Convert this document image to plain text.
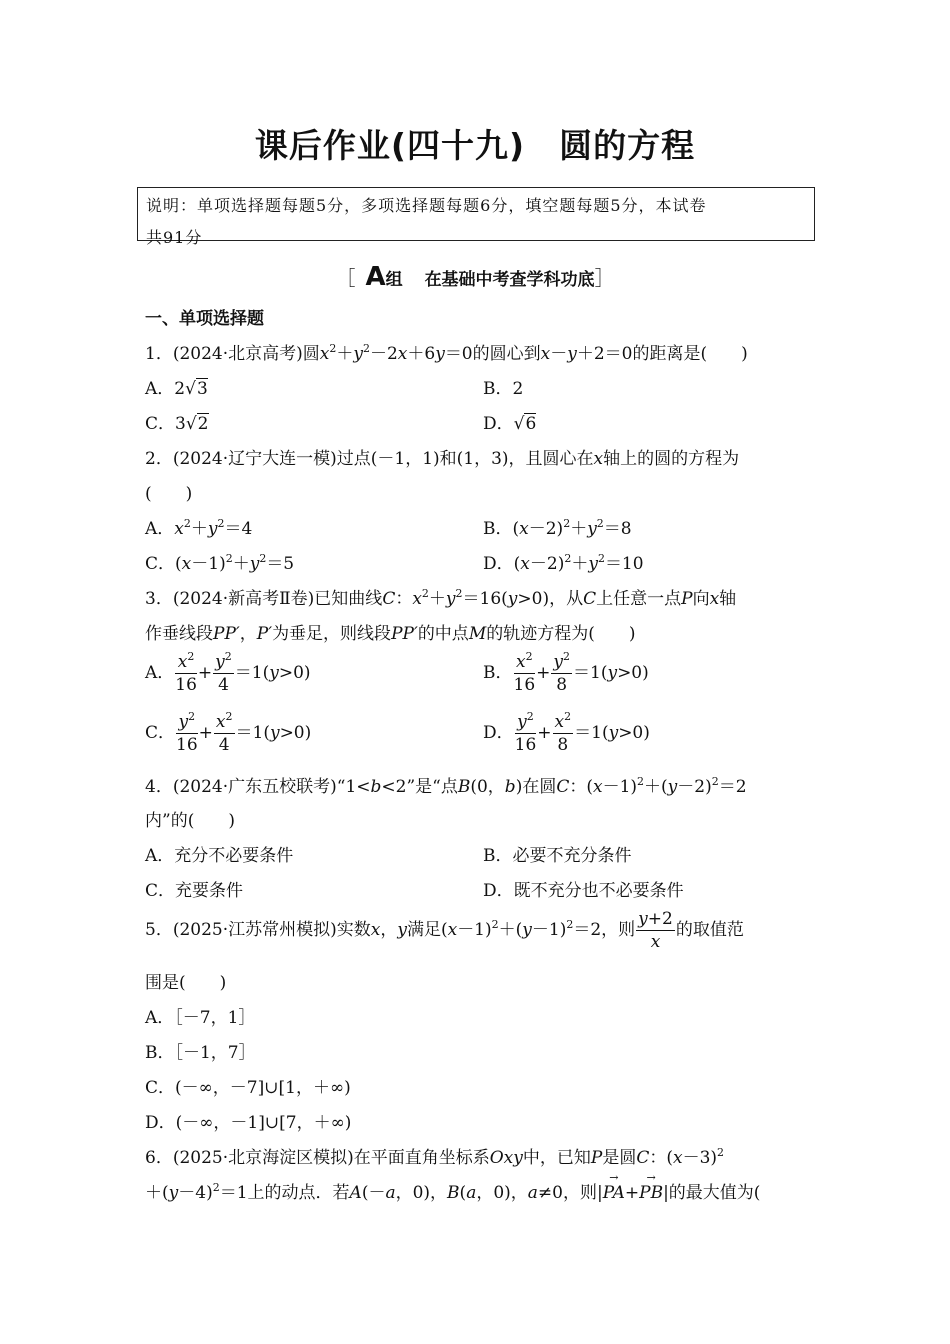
课后作业(四十九)　圆的方程
说明：单项选择题每题5分，多项选择题每题6分，填空题每题5分，本试卷
共91分
［ A组 在基础中考查学科功底］
一、单项选择题
1．(2024·北京高考)圆$x^2+y^2-2x+6y=0$的圆心到x－y＋2＝0的距离是(　　)
A．2√3	B．2
C．3√2	D．√6
2．(2024·辽宁大连一模)过点(－1，1)和(1，3)，且圆心在x轴上的圆的方程为
(　　)
A．$x^2+y^2=4$	B．$(x-2)^2+y^2=8$
C．$(x-1)^2+y^2=5$	D．$(x-2)^2+y^2=10$
3．(2024·新高考Ⅱ卷)已知曲线C：$x^2+y^2=16(y>0)$，从C上任意一点P向x轴
作垂线段PP′，P′为垂足，则线段PP′的中点M的轨迹方程为(　　)
A． $\frac{x^2}{16} + \frac{y^2}{4} =1(y>0)$	B． $\frac{x^2}{16} + \frac{y^2}{8} =1(y>0)$
C． $\frac{y^2}{16} + \frac{x^2}{4} =1(y>0)$	D． $\frac{y^2}{16} + \frac{x^2}{8} =1(y>0)$
4．(2024·广东五校联考)“1<b<2”是“点B(0，b)在圆C：$(x-1)^2+(y-2)^2=2$
内”的(　　)
A．充分不必要条件	B．必要不充分条件
C．充要条件	D．既不充分也不必要条件
5．(2025·江苏常州模拟)实数x，y满足$(x-1)^2+(y-1)^2=2$，则 $\frac{y+2}{x}$ 的取值范
围是(　　)
A．［－7，1］
B．［－1，7］
C．(－∞，－7]∪[1，＋∞)
D．(－∞，－1]∪[7，＋∞)
6．(2025·北京海淀区模拟)在平面直角坐标系Oxy中，已知P是圆C：$(x-3)^2$
$+(y-4)^2=1$上的动点．若A(－a，0)，B(a，0)，a≠0，则|→ PA+→ PB|的最大值为(
